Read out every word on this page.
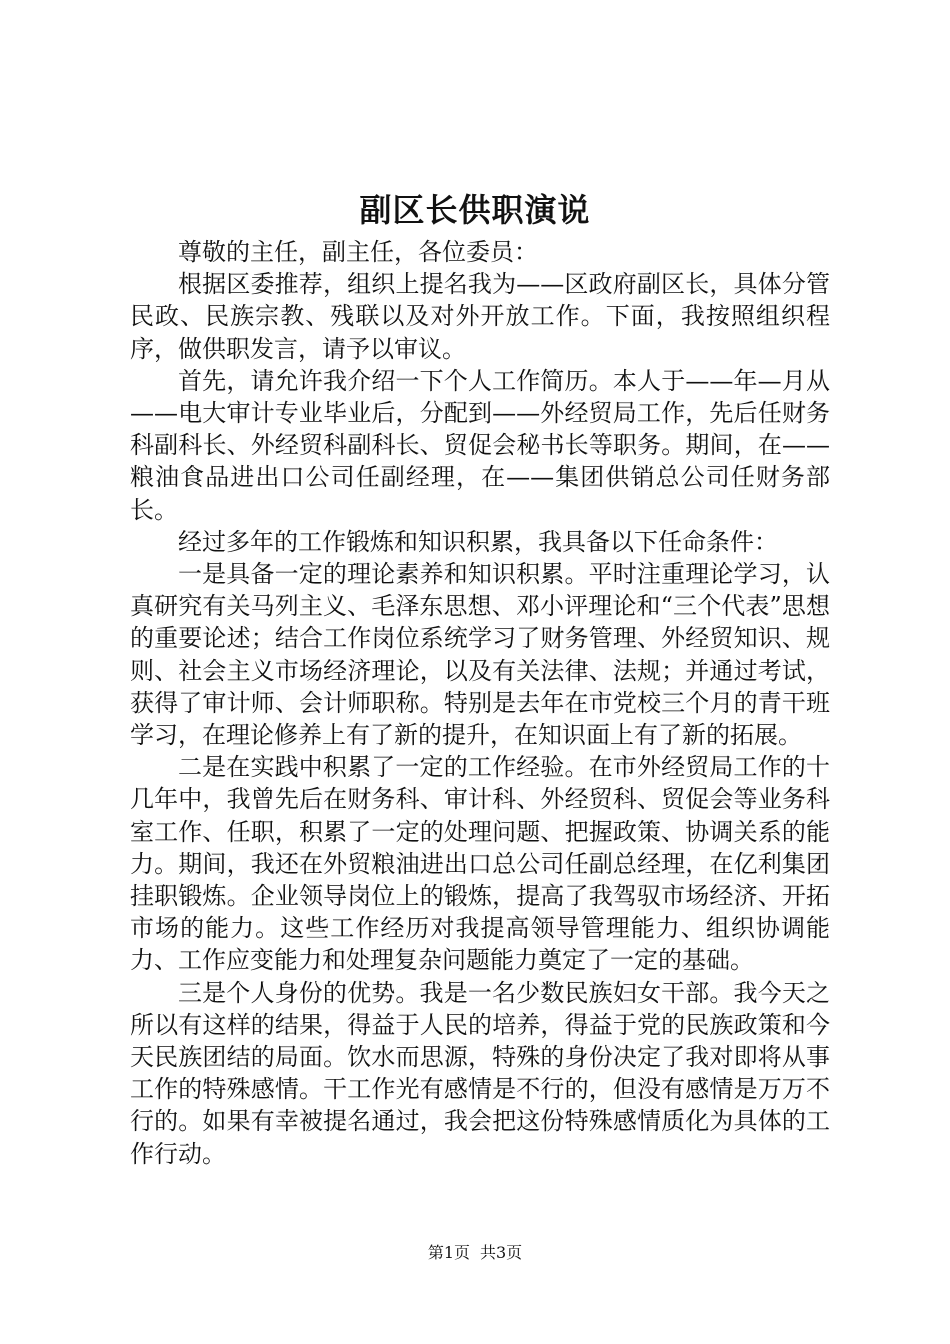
副区长供职演说

尊敬的主任，副主任，各位委员：

根据区委推荐，组织上提名我为——区政府副区长，具体分管民政、民族宗教、残联以及对外开放工作。下面，我按照组织程序，做供职发言，请予以审议。

首先，请允许我介绍一下个人工作简历。本人于——年—月从——电大审计专业毕业后，分配到——外经贸局工作，先后任财务科副科长、外经贸科副科长、贸促会秘书长等职务。期间，在——粮油食品进出口公司任副经理，在——集团供销总公司任财务部长。

经过多年的工作锻炼和知识积累，我具备以下任命条件：

一是具备一定的理论素养和知识积累。平时注重理论学习，认真研究有关马列主义、毛泽东思想、邓小评理论和“三个代表”思想的重要论述；结合工作岗位系统学习了财务管理、外经贸知识、规则、社会主义市场经济理论，以及有关法律、法规；并通过考试，获得了审计师、会计师职称。特别是去年在市党校三个月的青干班学习，在理论修养上有了新的提升，在知识面上有了新的拓展。

二是在实践中积累了一定的工作经验。在市外经贸局工作的十几年中，我曾先后在财务科、审计科、外经贸科、贸促会等业务科室工作、任职，积累了一定的处理问题、把握政策、协调关系的能力。期间，我还在外贸粮油进出口总公司任副总经理，在亿利集团挂职锻炼。企业领导岗位上的锻炼，提高了我驾驭市场经济、开拓市场的能力。这些工作经历对我提高领导管理能力、组织协调能力、工作应变能力和处理复杂问题能力奠定了一定的基础。

三是个人身份的优势。我是一名少数民族妇女干部。我今天之所以有这样的结果，得益于人民的培养，得益于党的民族政策和今天民族团结的局面。饮水而思源，特殊的身份决定了我对即将从事工作的特殊感情。干工作光有感情是不行的，但没有感情是万万不行的。如果有幸被提名通过，我会把这份特殊感情质化为具体的工作行动。

第1页 共3页
